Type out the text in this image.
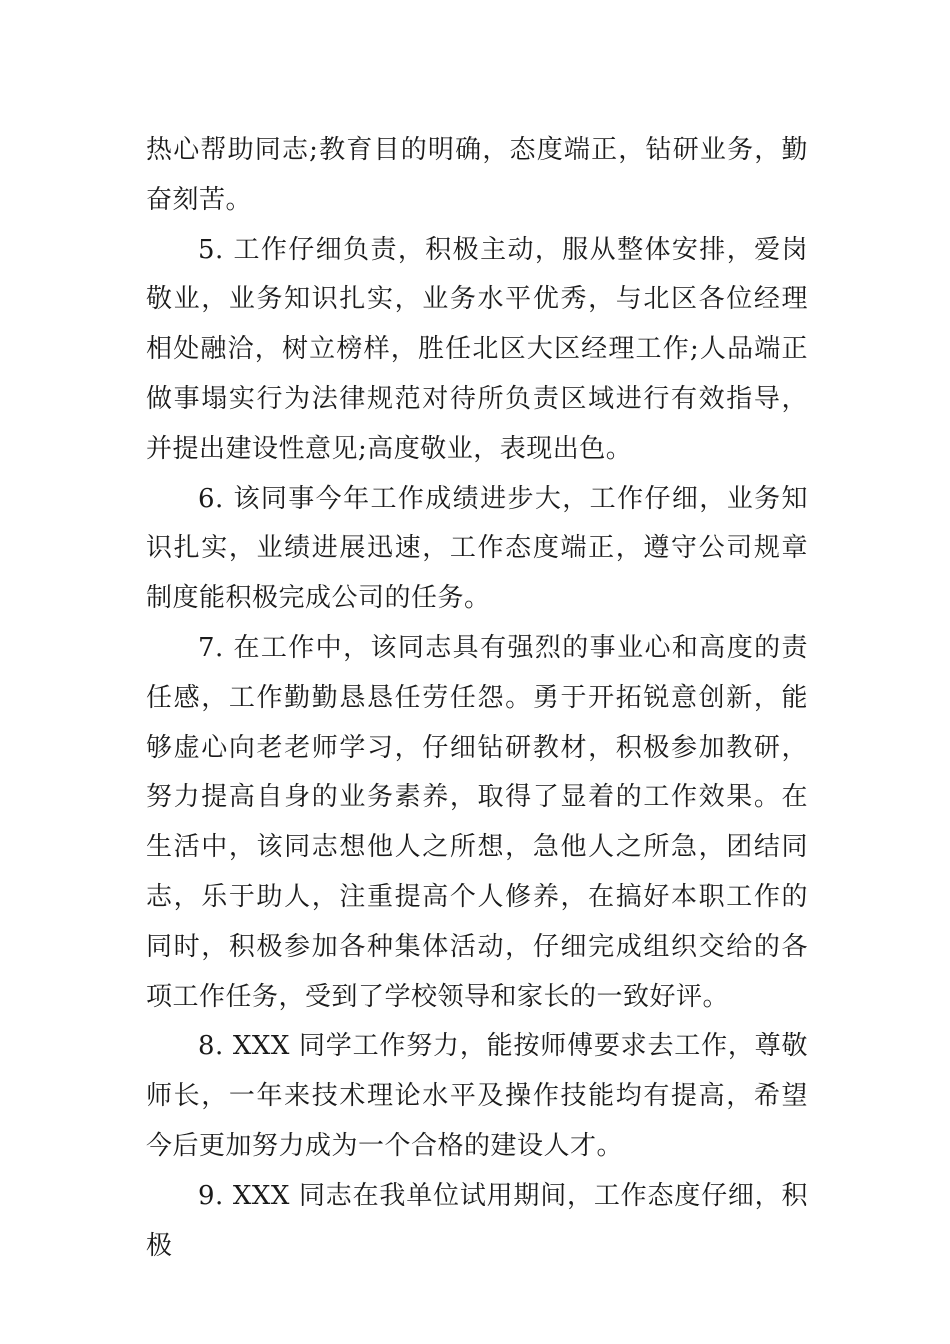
热心帮助同志;教育目的明确，态度端正，钻研业务，勤奋刻苦。

5. 工作仔细负责，积极主动，服从整体安排，爱岗敬业，业务知识扎实，业务水平优秀，与北区各位经理相处融洽，树立榜样，胜任北区大区经理工作;人品端正做事塌实行为法律规范对待所负责区域进行有效指导，并提出建设性意见;高度敬业，表现出色。

6. 该同事今年工作成绩进步大，工作仔细，业务知识扎实，业绩进展迅速，工作态度端正，遵守公司规章制度能积极完成公司的任务。

7. 在工作中，该同志具有强烈的事业心和高度的责任感，工作勤勤恳恳任劳任怨。勇于开拓锐意创新，能够虚心向老老师学习，仔细钻研教材，积极参加教研，努力提高自身的业务素养，取得了显着的工作效果。在生活中，该同志想他人之所想，急他人之所急，团结同志，乐于助人，注重提高个人修养，在搞好本职工作的同时，积极参加各种集体活动，仔细完成组织交给的各项工作任务，受到了学校领导和家长的一致好评。

8. XXX 同学工作努力，能按师傅要求去工作，尊敬师长，一年来技术理论水平及操作技能均有提高，希望今后更加努力成为一个合格的建设人才。

9. XXX 同志在我单位试用期间，工作态度仔细，积极
